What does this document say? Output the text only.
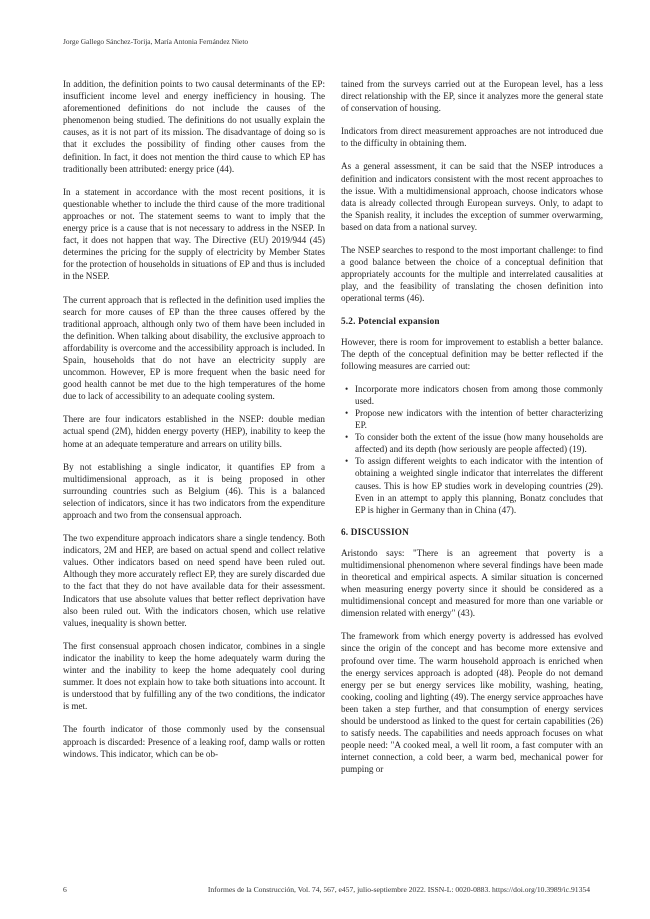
Jorge Gallego Sánchez-Torija, María Antonia Fernández Nieto

In addition, the definition points to two causal determinants of the EP: insufficient income level and energy inefficiency in housing. The aforementioned definitions do not include the causes of the phenomenon being studied. The definitions do not usually explain the causes, as it is not part of its mission. The disadvantage of doing so is that it excludes the possibility of finding other causes from the definition. In fact, it does not mention the third cause to which EP has traditionally been attributed: energy price (44).

In a statement in accordance with the most recent positions, it is questionable whether to include the third cause of the more traditional approaches or not. The statement seems to want to imply that the energy price is a cause that is not necessary to address in the NSEP. In fact, it does not happen that way. The Directive (EU) 2019/944 (45) determines the pricing for the supply of electricity by Member States for the protection of households in situations of EP and thus is included in the NSEP.

The current approach that is reflected in the definition used implies the search for more causes of EP than the three causes offered by the traditional approach, although only two of them have been included in the definition. When talking about disability, the exclusive approach to affordability is overcome and the accessibility approach is included. In Spain, households that do not have an electricity supply are uncommon. However, EP is more frequent when the basic need for good health cannot be met due to the high temperatures of the home due to lack of accessibility to an adequate cooling system.

There are four indicators established in the NSEP: double median actual spend (2M), hidden energy poverty (HEP), inability to keep the home at an adequate temperature and arrears on utility bills.

By not establishing a single indicator, it quantifies EP from a multidimensional approach, as it is being proposed in other surrounding countries such as Belgium (46). This is a balanced selection of indicators, since it has two indicators from the expenditure approach and two from the consensual approach.

The two expenditure approach indicators share a single tendency. Both indicators, 2M and HEP, are based on actual spend and collect relative values. Other indicators based on need spend have been ruled out. Although they more accurately reflect EP, they are surely discarded due to the fact that they do not have available data for their assessment. Indicators that use absolute values that better reflect deprivation have also been ruled out. With the indicators chosen, which use relative values, inequality is shown better.

The first consensual approach chosen indicator, combines in a single indicator the inability to keep the home adequately warm during the winter and the inability to keep the home adequately cool during summer. It does not explain how to take both situations into account. It is understood that by fulfilling any of the two conditions, the indicator is met.

The fourth indicator of those commonly used by the consensual approach is discarded: Presence of a leaking roof, damp walls or rotten windows. This indicator, which can be ob-

tained from the surveys carried out at the European level, has a less direct relationship with the EP, since it analyzes more the general state of conservation of housing.

Indicators from direct measurement approaches are not introduced due to the difficulty in obtaining them.

As a general assessment, it can be said that the NSEP introduces a definition and indicators consistent with the most recent approaches to the issue. With a multidimensional approach, choose indicators whose data is already collected through European surveys. Only, to adapt to the Spanish reality, it includes the exception of summer overwarming, based on data from a national survey.

The NSEP searches to respond to the most important challenge: to find a good balance between the choice of a conceptual definition that appropriately accounts for the multiple and interrelated causalities at play, and the feasibility of translating the chosen definition into operational terms (46).

5.2. Potencial expansion

However, there is room for improvement to establish a better balance. The depth of the conceptual definition may be better reflected if the following measures are carried out:

• Incorporate more indicators chosen from among those commonly used.
• Propose new indicators with the intention of better characterizing EP.
• To consider both the extent of the issue (how many households are affected) and its depth (how seriously are people affected) (19).
• To assign different weights to each indicator with the intention of obtaining a weighted single indicator that interrelates the different causes. This is how EP studies work in developing countries (29). Even in an attempt to apply this planning, Bonatz concludes that EP is higher in Germany than in China (47).
6. DISCUSSION

Aristondo says: "There is an agreement that poverty is a multidimensional phenomenon where several findings have been made in theoretical and empirical aspects. A similar situation is concerned when measuring energy poverty since it should be considered as a multidimensional concept and measured for more than one variable or dimension related with energy" (43).

The framework from which energy poverty is addressed has evolved since the origin of the concept and has become more extensive and profound over time. The warm household approach is enriched when the energy services approach is adopted (48). People do not demand energy per se but energy services like mobility, washing, heating, cooking, cooling and lighting (49). The energy service approaches have been taken a step further, and that consumption of energy services should be understood as linked to the quest for certain capabilities (26) to satisfy needs. The capabilities and needs approach focuses on what people need: "A cooked meal, a well lit room, a fast computer with an internet connection, a cold beer, a warm bed, mechanical power for pumping or

6	Informes de la Construcción, Vol. 74, 567, e457, julio-septiembre 2022. ISSN-L: 0020-0883. https://doi.org/10.3989/ic.91354
